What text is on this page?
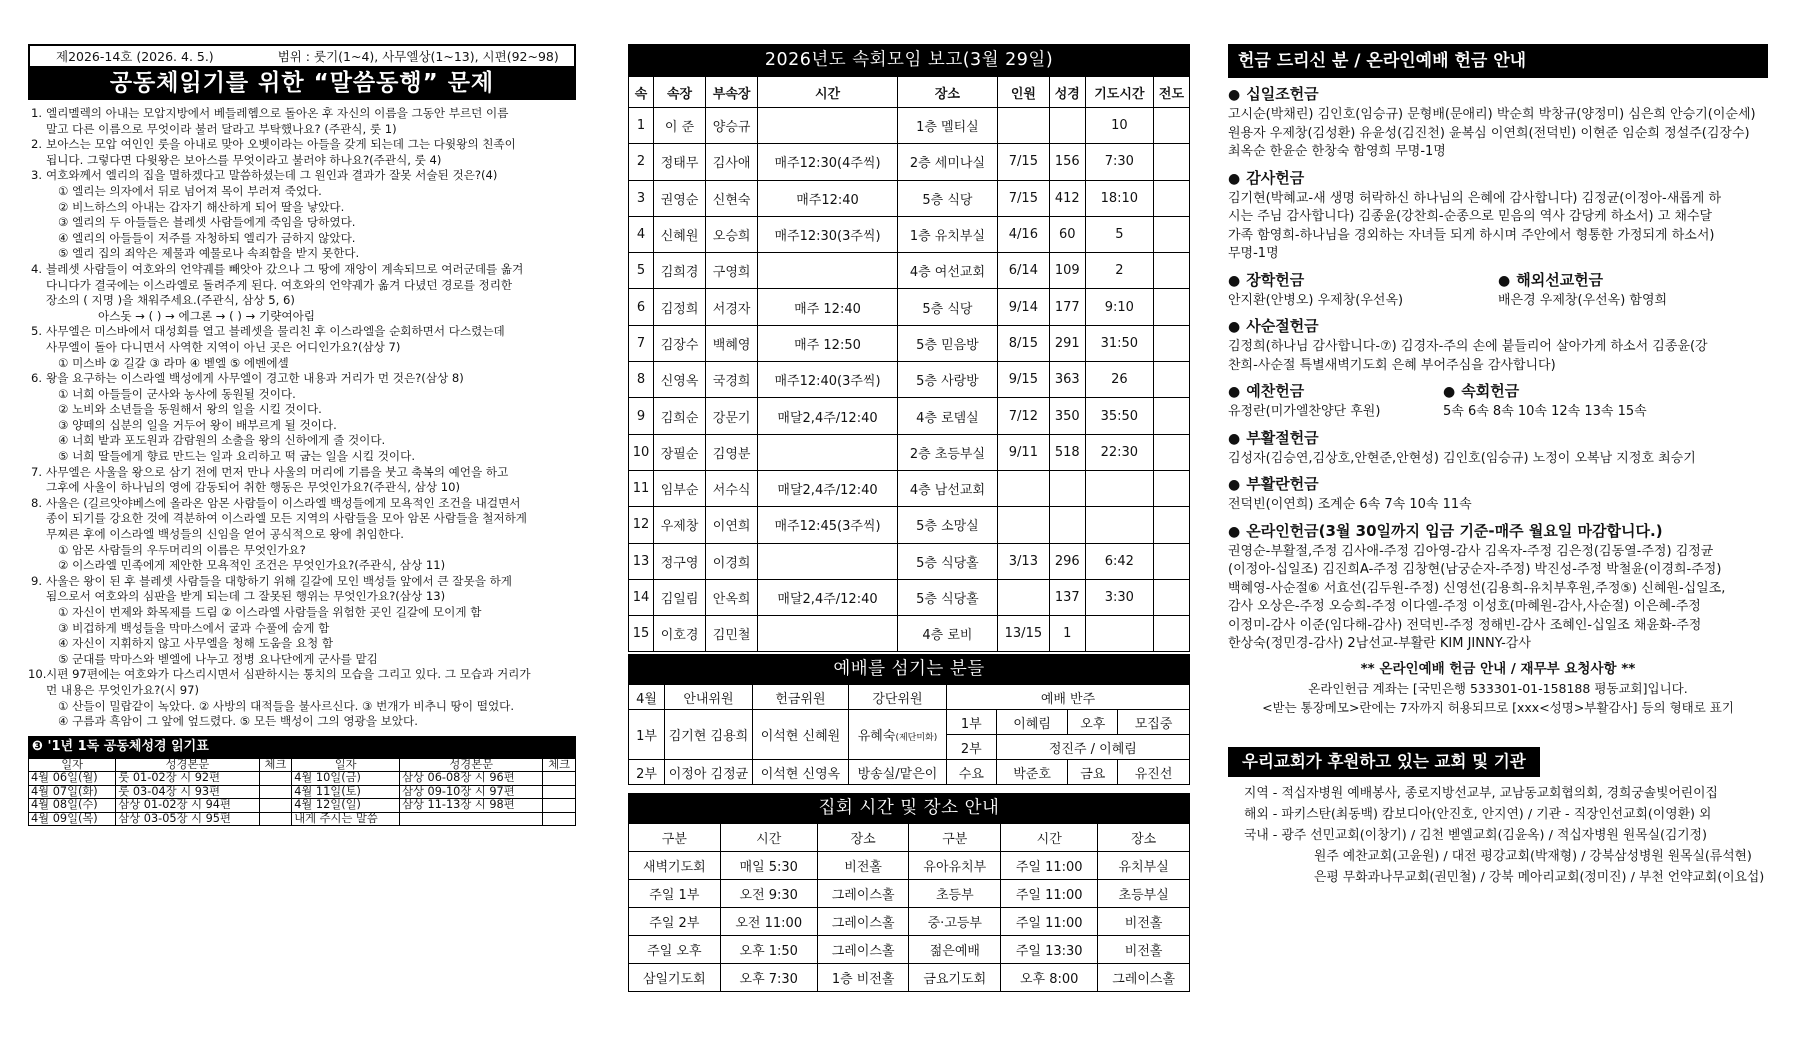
제2026-14호 (2026. 4. 5.)	범위 : 룻기(1~4), 사무엘상(1~13), 시편(92~98)
공동체읽기를 위한 “말씀동행” 문제
1. 엘리멜렉의 아내는 모압지방에서 베들레헴으로 돌아온 후 자신의 이름을 그동안 부르던 이름
말고 다른 이름으로 무엇이라 불러 달라고 부탁했나요? (주관식, 룻 1)
2. 보아스는 모압 여인인 룻을 아내로 맞아 오벳이라는 아들을 갖게 되는데 그는 다윗왕의 친족이
됩니다. 그렇다면 다윗왕은 보아스를 무엇이라고 불러야 하나요?(주관식, 룻 4)
3. 여호와께서 엘리의 집을 멸하겠다고 말씀하셨는데 그 원인과 결과가 잘못 서술된 것은?(4)
① 엘리는 의자에서 뒤로 넘어져 목이 부러져 죽었다.
② 비느하스의 아내는 갑자기 해산하게 되어 딸을 낳았다.
③ 엘리의 두 아들들은 블레셋 사람들에게 죽임을 당하였다.
④ 엘리의 아들들이 저주를 자청하되 엘리가 금하지 않았다.
⑤ 엘리 집의 죄악은 제물과 예물로나 속죄함을 받지 못한다.
4. 블레셋 사람들이 여호와의 언약궤를 빼앗아 갔으나 그 땅에 재앙이 계속되므로 여러군데를 옮겨
다니다가 결국에는 이스라엘로 돌려주게 된다. 여호와의 언약궤가 옮겨 다녔던 경로를 정리한
장소의 ( 지명 )을 채워주세요.(주관식, 삼상 5, 6)
아스돗 → ( ) → 에그론 → ( ) → 기럇여아림
5. 사무엘은 미스바에서 대성회를 열고 블레셋을 물리친 후 이스라엘을 순회하면서 다스렸는데
사무엘이 돌아 다니면서 사역한 지역이 아닌 곳은 어디인가요?(삼상 7)
① 미스바 ② 길갈 ③ 라마 ④ 벧엘 ⑤ 에벤에셀
6. 왕을 요구하는 이스라엘 백성에게 사무엘이 경고한 내용과 거리가 먼 것은?(삼상 8)
① 너희 아들들이 군사와 농사에 동원될 것이다.
② 노비와 소년들을 동원해서 왕의 일을 시킬 것이다.
③ 양떼의 십분의 일을 거두어 왕이 배부르게 될 것이다.
④ 너희 밭과 포도원과 감람원의 소출을 왕의 신하에게 줄 것이다.
⑤ 너희 딸들에게 향료 만드는 일과 요리하고 떡 굽는 일을 시킬 것이다.
7. 사무엘은 사울을 왕으로 삼기 전에 먼저 만나 사울의 머리에 기름을 붓고 축복의 예언을 하고
그후에 사울이 하나님의 영에 감동되어 취한 행동은 무엇인가요?(주관식, 삼상 10)
8. 사울은 (길르앗야베스에 올라온 암몬 사람들이 이스라엘 백성들에게 모욕적인 조건을 내걸면서
종이 되기를 강요한 것에 격분하여 이스라엘 모든 지역의 사람들을 모아 암몬 사람들을 철저하게
무찌른 후에 이스라엘 백성들의 신임을 얻어 공식적으로 왕에 취임한다.
① 암몬 사람들의 우두머리의 이름은 무엇인가요?
② 이스라엘 민족에게 제안한 모욕적인 조건은 무엇인가요?(주관식, 삼상 11)
9. 사울은 왕이 된 후 블레셋 사람들을 대항하기 위해 길갈에 모인 백성들 앞에서 큰 잘못을 하게
됨으로서 여호와의 심판을 받게 되는데 그 잘못된 행위는 무엇인가요?(삼상 13)
① 자신이 번제와 화목제를 드림 ② 이스라엘 사람들을 위험한 곳인 길갈에 모이게 함
③ 비겁하게 백성들을 막마스에서 굴과 수풀에 숨게 함
④ 자신이 지휘하지 않고 사무엘을 청해 도움을 요청 함
⑤ 군대를 막마스와 벧엘에 나누고 정병 요나단에게 군사를 맡김
10. 시편 97편에는 여호와가 다스리시면서 심판하시는 통치의 모습을 그리고 있다. 그 모습과 거리가
먼 내용은 무엇인가요?(시 97)
① 산들이 밀랍같이 녹았다. ② 사방의 대적들을 불사르신다. ③ 번개가 비추니 땅이 떨었다.
④ 구름과 흑암이 그 앞에 엎드렸다. ⑤ 모든 백성이 그의 영광을 보았다.
❸ '1년 1독 공동체성경 읽기표
일자	성경본문	체크	일자	성경본문	체크
4월 06일(월)	룻 01-02장 시 92편		4월 10일(금)	삼상 06-08장 시 96편	
4월 07일(화)	룻 03-04장 시 93편		4월 11일(토)	삼상 09-10장 시 97편	
4월 08일(수)	삼상 01-02장 시 94편		4월 12일(일)	삼상 11-13장 시 98편	
4월 09일(목)	삼상 03-05장 시 95편		내게 주시는 말씀		
2026년도 속회모임 보고(3월 29일)
속	속장	부속장	시간	장소	인원	성경	기도시간	전도
1	이 준	양승규		1층 멜티실			10	
2	정태무	김사애	매주12:30(4주씩)	2층 세미나실	7/15	156	7:30	
3	권영순	신현숙	매주12:40	5층 식당	7/15	412	18:10	
4	신혜원	오승희	매주12:30(3주씩)	1층 유치부실	4/16	60	5	
5	김희경	구영희		4층 여선교회	6/14	109	2	
6	김정희	서경자	매주 12:40	5층 식당	9/14	177	9:10	
7	김장수	백혜영	매주 12:50	5층 믿음방	8/15	291	31:50	
8	신영옥	국경희	매주12:40(3주씩)	5층 사랑방	9/15	363	26	
9	김희순	강문기	매달2,4주/12:40	4층 로뎀실	7/12	350	35:50	
10	장필순	김영분		2층 초등부실	9/11	518	22:30	
11	임부순	서수식	매달2,4주/12:40	4층 남선교회				
12	우제창	이연희	매주12:45(3주씩)	5층 소망실				
13	정구영	이경희		5층 식당홀	3/13	296	6:42	
14	김일림	안옥희	매달2,4주/12:40	5층 식당홀		137	3:30	
15	이호경	김민철		4층 로비	13/15	1		
예배를 섬기는 분들
4월	안내위원	헌금위원	강단위원	예배 반주			
1부	김기현 김용희	이석현 신혜원	유혜숙(제단미화)	1부	이혜림	오후	모집중
				2부	정진주 / 이혜림		
2부	이정아 김정균	이석현 신영옥	방송실/맡은이	수요	박준호	금요	유진선
집회 시간 및 장소 안내
구분	시간	장소	구분	시간	장소
새벽기도회	매일 5:30	비전홀	유아유치부	주일 11:00	유치부실
주일 1부	오전 9:30	그레이스홀	초등부	주일 11:00	초등부실
주일 2부	오전 11:00	그레이스홀	중·고등부	주일 11:00	비전홀
주일 오후	오후 1:50	그레이스홀	젊은예배	주일 13:30	비전홀
삼일기도회	오후 7:30	1층 비전홀	금요기도회	오후 8:00	그레이스홀
헌금 드리신 분 / 온라인예배 헌금 안내
● 십일조헌금
고시순(박채린) 김인호(임승규) 문형배(문애리) 박순희 박창규(양정미) 심은희 안승기(이순세)
원용자 우제창(김성환) 유윤성(김진천) 윤복심 이연희(전덕빈) 이현준 임순희 정설주(김장수)
최옥순 한윤순 한창숙 함영희 무명-1명
● 감사헌금
김기현(박혜교-새 생명 허락하신 하나님의 은혜에 감사합니다) 김정균(이정아-새롭게 하
시는 주님 감사합니다) 김종윤(강찬희-순종으로 믿음의 역사 감당케 하소서) 고 채수달
가족 함영희-하나님을 경외하는 자녀들 되게 하시며 주안에서 형통한 가정되게 하소서)
무명-1명
● 장학헌금
안지환(안병오) 우제창(우선옥)
● 해외선교헌금
배은경 우제창(우선옥) 함영희
● 사순절헌금
김정희(하나님 감사합니다-⑦) 김경자-주의 손에 붙들리어 살아가게 하소서 김종윤(강
찬희-사순절 특별새벽기도회 은혜 부어주심을 감사합니다)
● 예찬헌금
유정란(미가엘찬양단 후원)
● 속회헌금
5속 6속 8속 10속 12속 13속 15속
● 부활절헌금
김성자(김승연,김상호,안현준,안현성) 김인호(임승규) 노정이 오복남 지정호 최승기
● 부활란헌금
전덕빈(이연희) 조계순 6속 7속 10속 11속
● 온라인헌금(3월 30일까지 입금 기준-매주 월요일 마감합니다.)
권영순-부활절,주정 김사애-주정 김아영-감사 김옥자-주정 김은정(김동열-주정) 김정균
(이정아-십일조) 김진희A-주정 김창현(남궁순자-주정) 박진성-주정 박철윤(이경희-주정)
백혜영-사순절⑥ 서효선(김두원-주정) 신영선(김용희-유치부후원,주정⑤) 신혜원-십일조,
감사 오상은-주정 오승희-주정 이다엘-주정 이성호(마혜원-감사,사순절) 이은혜-주정
이정미-감사 이준(임다해-감사) 전덕빈-주정 정해빈-감사 조혜인-십일조 채윤화-주정
한상숙(정민경-감사) 2남선교-부활란 KIM JINNY-감사
** 온라인예배 헌금 안내 / 재무부 요청사항 **
온라인헌금 계좌는 [국민은행 533301-01-158188 평동교회]입니다.
<받는 통장메모>란에는 7자까지 허용되므로 [xxx<성명>부활감사] 등의 형태로 표기
우리교회가 후원하고 있는 교회 및 기관
지역 - 적십자병원 예배봉사, 종로지방선교부, 교남동교회협의회, 경희궁솔빛어린이집
해외 - 파키스탄(최동백) 캄보디아(안진호, 안지연) / 기관 - 직장인선교회(이영환) 외
국내 - 광주 선민교회(이창기) / 김천 벧엘교회(김윤옥) / 적십자병원 원목실(김기정)
원주 예찬교회(고윤원) / 대전 평강교회(박재형) / 강북삼성병원 원목실(류석현)
은평 무화과나무교회(권민철) / 강북 메아리교회(정미진) / 부천 언약교회(이요섭)
